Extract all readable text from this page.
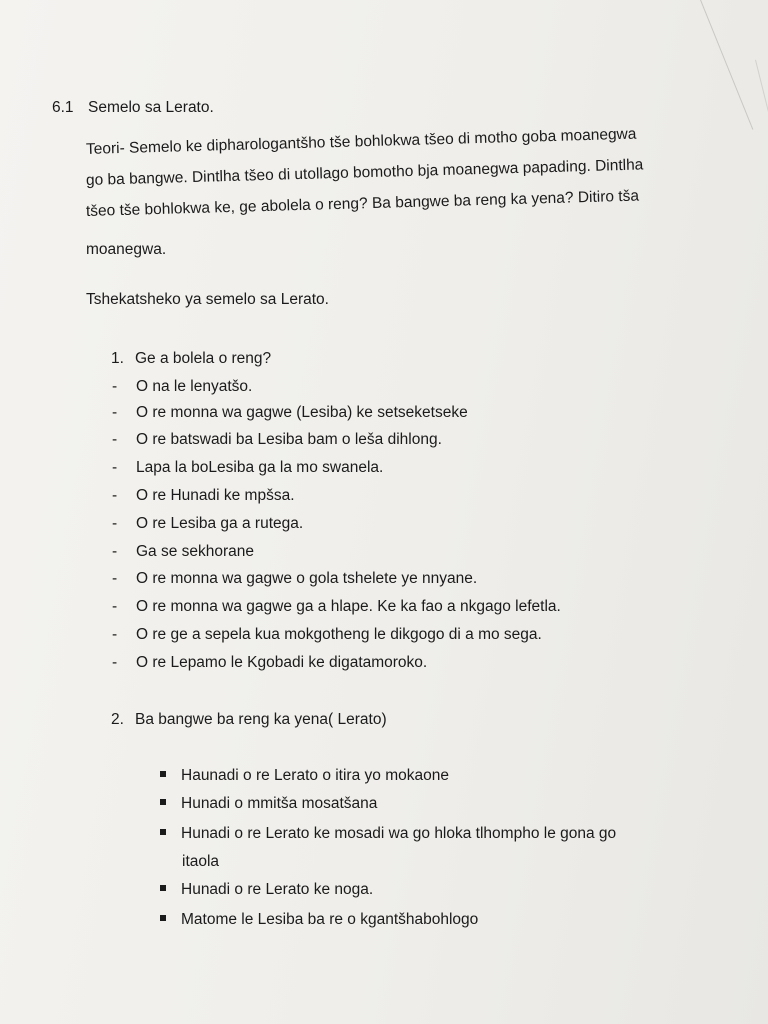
6.1 Semelo sa Lerato.
Teori- Semelo ke dipharologantšho tše bohlokwa tšeo di motho goba moanegwa
go ba bangwe. Dintlha tšeo di utollago bomotho bja moanegwa papading. Dintlha
tšeo tše bohlokwa ke, ge abolela o reng? Ba bangwe ba reng ka yena? Ditiro tša
moanegwa.
Tshekatsheko ya semelo sa Lerato.
1. Ge a bolela o reng?
- O na le lenyatšo.
- O re monna wa gagwe (Lesiba) ke setseketseke
- O re batswadi ba Lesiba bam o leša dihlong.
- Lapa la boLesiba ga la mo swanela.
- O re Hunadi ke mpšsa.
- O re Lesiba ga a rutega.
- Ga se sekhorane
- O re monna wa gagwe o gola tshelete ye nnyane.
- O re monna wa gagwe ga a hlape. Ke ka fao a nkgago lefetla.
- O re ge a sepela kua mokgotheng le dikgogo di a mo sega.
- O re Lepamo le Kgobadi ke digatamoroko.
2. Ba bangwe ba reng ka yena( Lerato)
Haunadi o re Lerato o itira yo mokaone
Hunadi o mmitša mosatšana
Hunadi o re Lerato ke mosadi wa go hloka tlhompho le gona go
itaola
Hunadi o re Lerato ke noga.
Matome le Lesiba ba re o kgantšhabohlogo
